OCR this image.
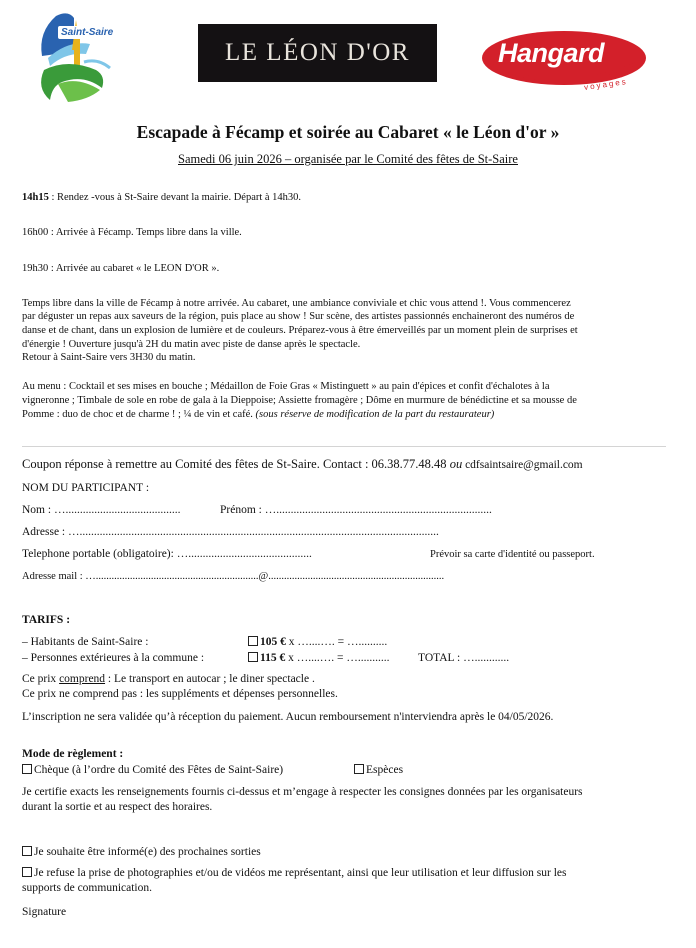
Saint-Saire
LE LÉON D'OR	Hangard
voyages
Escapade à Fécamp et soirée au Cabaret « le Léon d'or »
Samedi 06 juin 2026 – organisée par le Comité des fêtes de St-Saire
14h15 : Rendez -vous à St-Saire devant la mairie. Départ à 14h30.
16h00 : Arrivée à Fécamp. Temps libre dans la ville.
19h30 : Arrivée au cabaret « le LEON D'OR ».
Temps libre dans la ville de Fécamp à notre arrivée. Au cabaret, une ambiance conviviale et chic vous attend !. Vous commencerez
par déguster un repas aux saveurs de la région, puis place au show ! Sur scène, des artistes passionnés enchaineront des numéros de
danse et de chant, dans un explosion de lumière et de couleurs. Préparez-vous à être émerveillés par un moment plein de surprises et
d'énergie ! Ouverture jusqu'à 2H du matin avec piste de danse après le spectacle.
Retour à Saint-Saire vers 3H30 du matin.
Au menu : Cocktail et ses mises en bouche ; Médaillon de Foie Gras « Mistinguett » au pain d'épices et confit d'échalotes à la
vigneronne ; Timbale de sole en robe de gala à la Dieppoise; Assiette fromagère ; Dôme en murmure de bénédictine et sa mousse de
Pomme : duo de choc et de charme ! ; ¼ de vin et café. (sous réserve de modification de la part du restaurateur)
Coupon réponse à remettre au Comité des fêtes de St-Saire. Contact : 06.38.77.48.48 ou cdfsaintsaire@gmail.com
NOM DU PARTICIPANT :
Nom : …........................................	Prénom : …...........................................................................
Adresse : ….............................................................................................................................
Telephone portable (obligatoire): …...........................................	Prévoir sa carte d'identité ou passeport.
Adresse mail : …..............................................................@...................................................................
TARIFS :
– Habitants de Saint-Saire :	105 € x …....…. = …..........
– Personnes extérieures à la commune :	115 € x …....…. = …........... TOTAL : …............
Ce prix comprend : Le transport en autocar ; le diner spectacle .
Ce prix ne comprend pas : les suppléments et dépenses personnelles.
L’inscription ne sera validée qu’à réception du paiement. Aucun remboursement n'interviendra après le 04/05/2026.
Mode de règlement :
Chèque (à l’ordre du Comité des Fêtes de Saint-Saire)	Espèces
Je certifie exacts les renseignements fournis ci-dessus et m’engage à respecter les consignes données par les organisateurs
durant la sortie et au respect des horaires.
Je souhaite être informé(e) des prochaines sorties
Je refuse la prise de photographies et/ou de vidéos me représentant, ainsi que leur utilisation et leur diffusion sur les
supports de communication.
Signature
